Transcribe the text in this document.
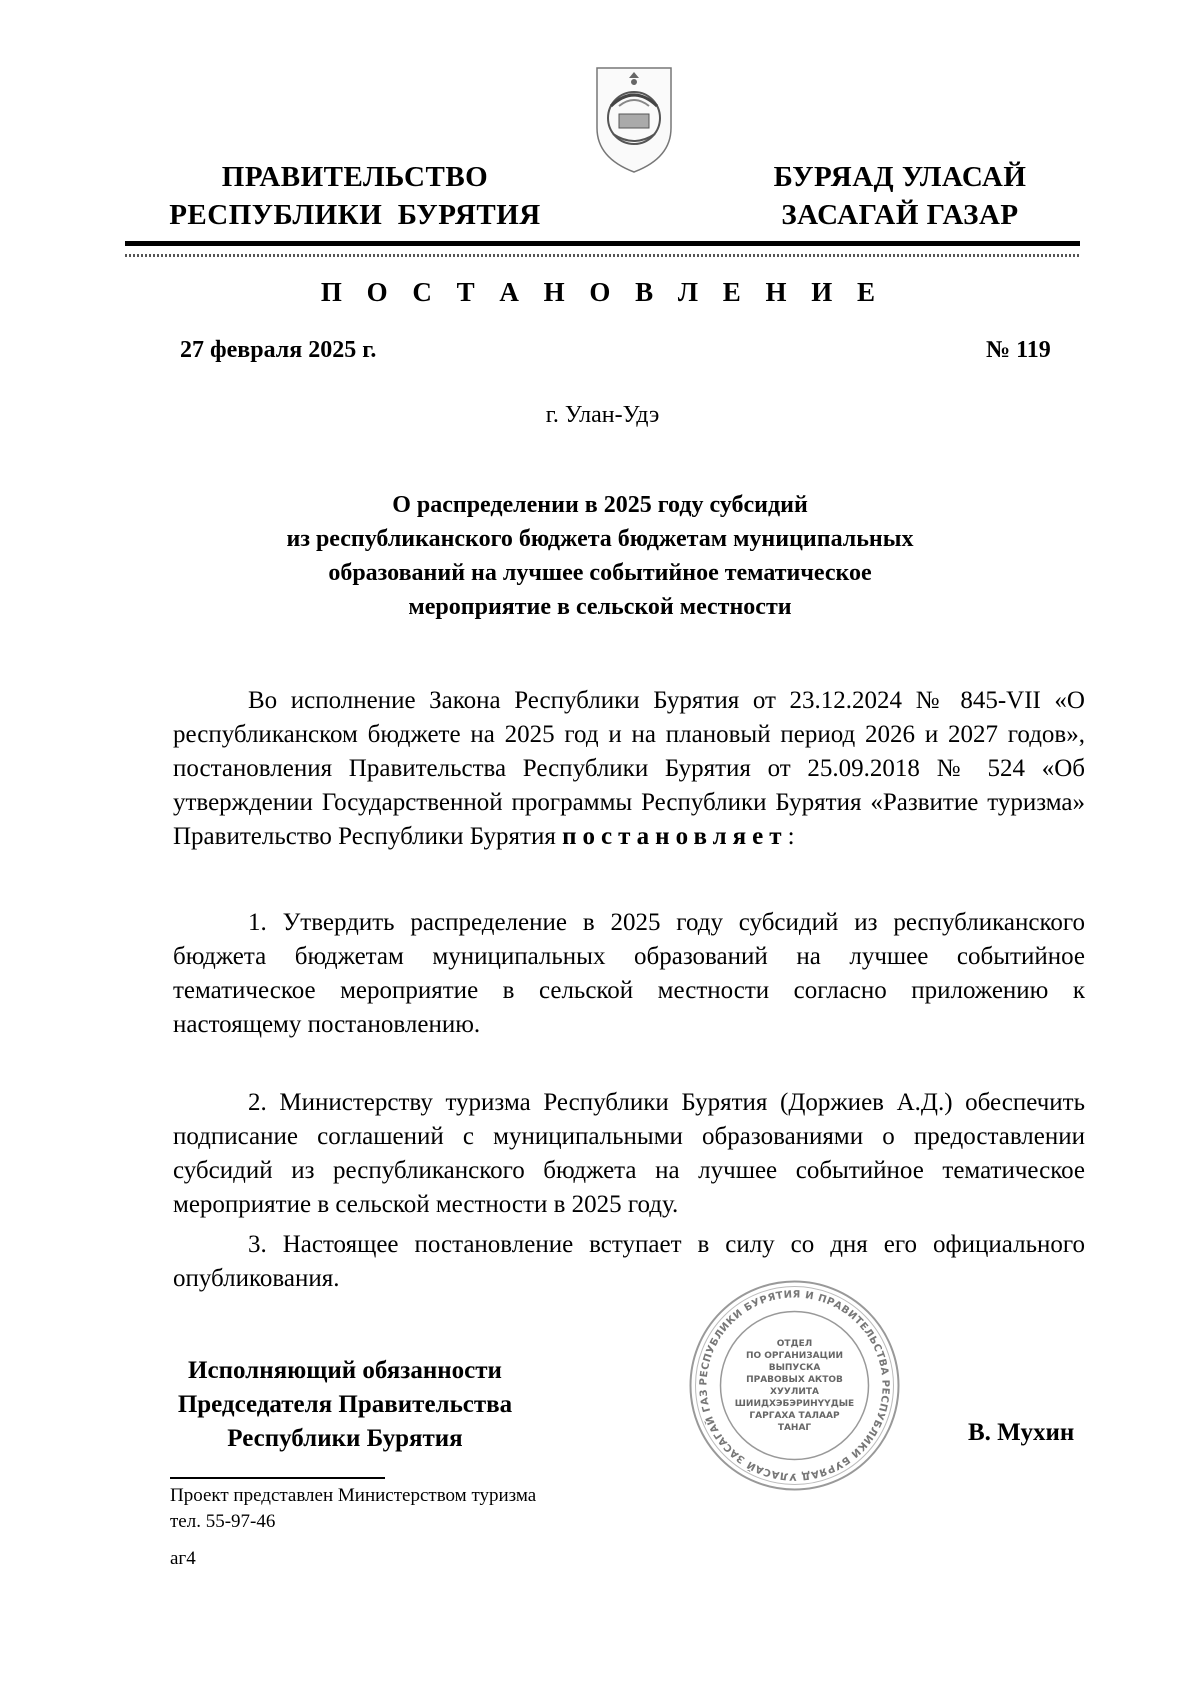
ПРАВИТЕЛЬСТВО
РЕСПУБЛИКИ  БУРЯТИЯ
БУРЯАД УЛАСАЙ
ЗАСАГАЙ ГАЗАР
П О С Т А Н О В Л Е Н И Е
27 февраля 2025 г.	№ 119
г. Улан-Удэ
О распределении в 2025 году субсидий
из республиканского бюджета бюджетам муниципальных
образований на лучшее событийное тематическое
мероприятие в сельской местности
Во исполнение Закона Республики Бурятия от 23.12.2024 № 845-VII «О республиканском бюджете на 2025 год и на плановый период 2026 и 2027 годов», постановления Правительства Республики Бурятия от 25.09.2018 № 524 «Об утверждении Государственной программы Республики Бурятия «Развитие туризма» Правительство Республики Бурятия постановляет:
1. Утвердить распределение в 2025 году субсидий из республиканского бюджета бюджетам муниципальных образований на лучшее событийное тематическое мероприятие в сельской местности согласно приложению к настоящему постановлению.
2. Министерству туризма Республики Бурятия (Доржиев А.Д.) обеспечить подписание соглашений с муниципальными образованиями о предоставлении субсидий из республиканского бюджета на лучшее событийное тематическое мероприятие в сельской местности в 2025 году.
3. Настоящее постановление вступает в силу со дня его официального опубликования.
Исполняющий обязанности
Председателя Правительства
Республики Бурятия
РЕСПУБЛИКИ БУРЯТИЯ И ПРАВИТЕЛЬСТВА РЕСПУБЛИКИ БУРЯАД УЛАСАЙ ЗАСАГАЙ ГАЗ
ОТДЕЛ
ПО ОРГАНИЗАЦИИ
ВЫПУСКА
ПРАВОВЫХ АКТОВ
ХУУЛИТА
ШИИДХЭБЭРИНҮҮДЫЕ
ГАРГАХА ТАЛААР
ТАНАГ	В. Мухин
Проект представлен Министерством туризма
тел. 55-97-46
аг4
